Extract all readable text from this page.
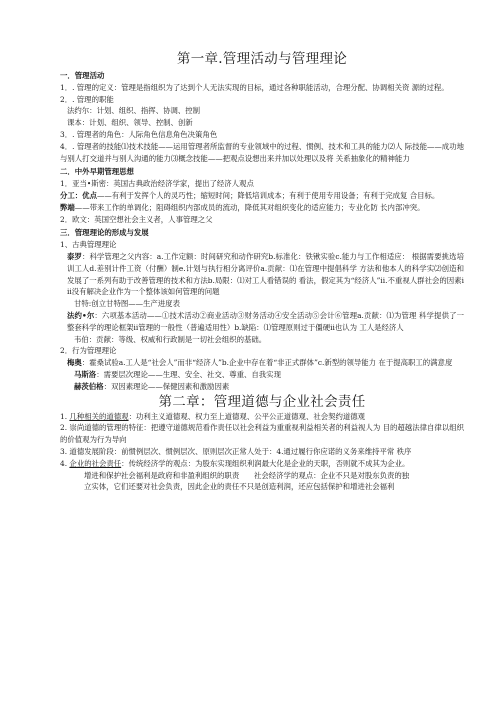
第一章.管理活动与管理理论

一．管理活动

1．. 管理的定义：管理是指组织为了达到个人无法实现的目标，通过各种职能活动，合理分配、协调相关资 源的过程。

2．. 管理的职能

法约尔：计划、组织、指挥、协调、控制

课本：计划、组织、领导、控制、创新

3．. 管理者的角色：人际角色信息角色决策角色

4．. 管理者的技能⑴技术技能——运用管理者所监督的专业领域中的过程、惯例、技术和工具的能力⑵人 际技能——成功地与别人打交道并与别人沟通的能力⑶概念技能——把观点设想出来并加以处理以及将 关系抽象化的精神能力

二．中外早期管理思想

1．亚当•斯密：英国古典政治经济学家，提出了经济人观点

分工：优点——有利于发挥个人的灵巧性；缩短时间；降低培训成本；有利于使用专用设备；有利于完成复 合目标。

弊端——带来工作的单调化；阻碍组织内部成员的流动，降低其对组织变化的适应能力；专业化防 长内部冲突。

2．欧文：英国空想社会主义者，人事管理之父

三．管理理论的形成与发展

1、古典管理理论

泰罗：科学管理之父内容：a.工作定额：时间研究和动作研究b.标准化：铁锹实验c.能力与工作相适应： 根据需要挑选培训工人d.差别计件工资（付酬）制e.计划与执行相分离评价a.贡献：⑴在管理中提倡科学 方法和他本人的科学实⑵创造和发展了一系列有助于改善管理的技术和方法b.局限：⑴对工人看错误的 看法，假定其为“经济人”ii.不重视人群社会的因素iii没有解决企业作为一个整体该如何管理的问题

甘特:创立甘特图——生产进度表

法约•尔：六项基本活动——①技术活动②商业活动③财务活动④安全活动⑤会计⑥管理a.贡献：⑴为管理 科学提供了一整套科学的理论框架ii管理的一般性（普遍适用性）b.缺陷：⑴管理原则过于僵硬ii也认为 工人是经济人

韦伯：贡献：等级、权威和行政制是一切社会组织的基础。

2．行为管理理论

梅奥：霍桑试验a.工人是“社会人”而非“经济人”b.企业中存在着“非正式群体”c.新型的领导能力 在于提高职工的满意度

马斯洛：需要层次理论——生理、安全、社交、尊重、自我实现

赫茨伯格：双因素理论——保健因素和激励因素

第二章：管理道德与企业社会责任

1. 几种相关的道德观：功利主义道德观、权力至上道德观、公平公正道德观、社会契约道德观

2. 崇尚道德的管理的特征：把遵守道德规范看作责任以社会利益为重重视利益相关者的利益视人为 目的超越法律自律以组织的价值观为行为导向

3. 道德发展阶段：前惯例层次、惯例层次、原则层次正常人处于：4.通过履行你应诺的义务来维持平常 秩序

4. 企业的社会责任：传统经济学的观点：为股东实现组织利润最大化是企业的天职，否则就不成其为企业。

增进和保护社会福利是政府和非盈利组织的职责　　社会经济学的观点：企业不只是对股东负责的独

立实体，它们还要对社会负责，因此企业的责任不只是创造利润，还应包括保护和增进社会福利
